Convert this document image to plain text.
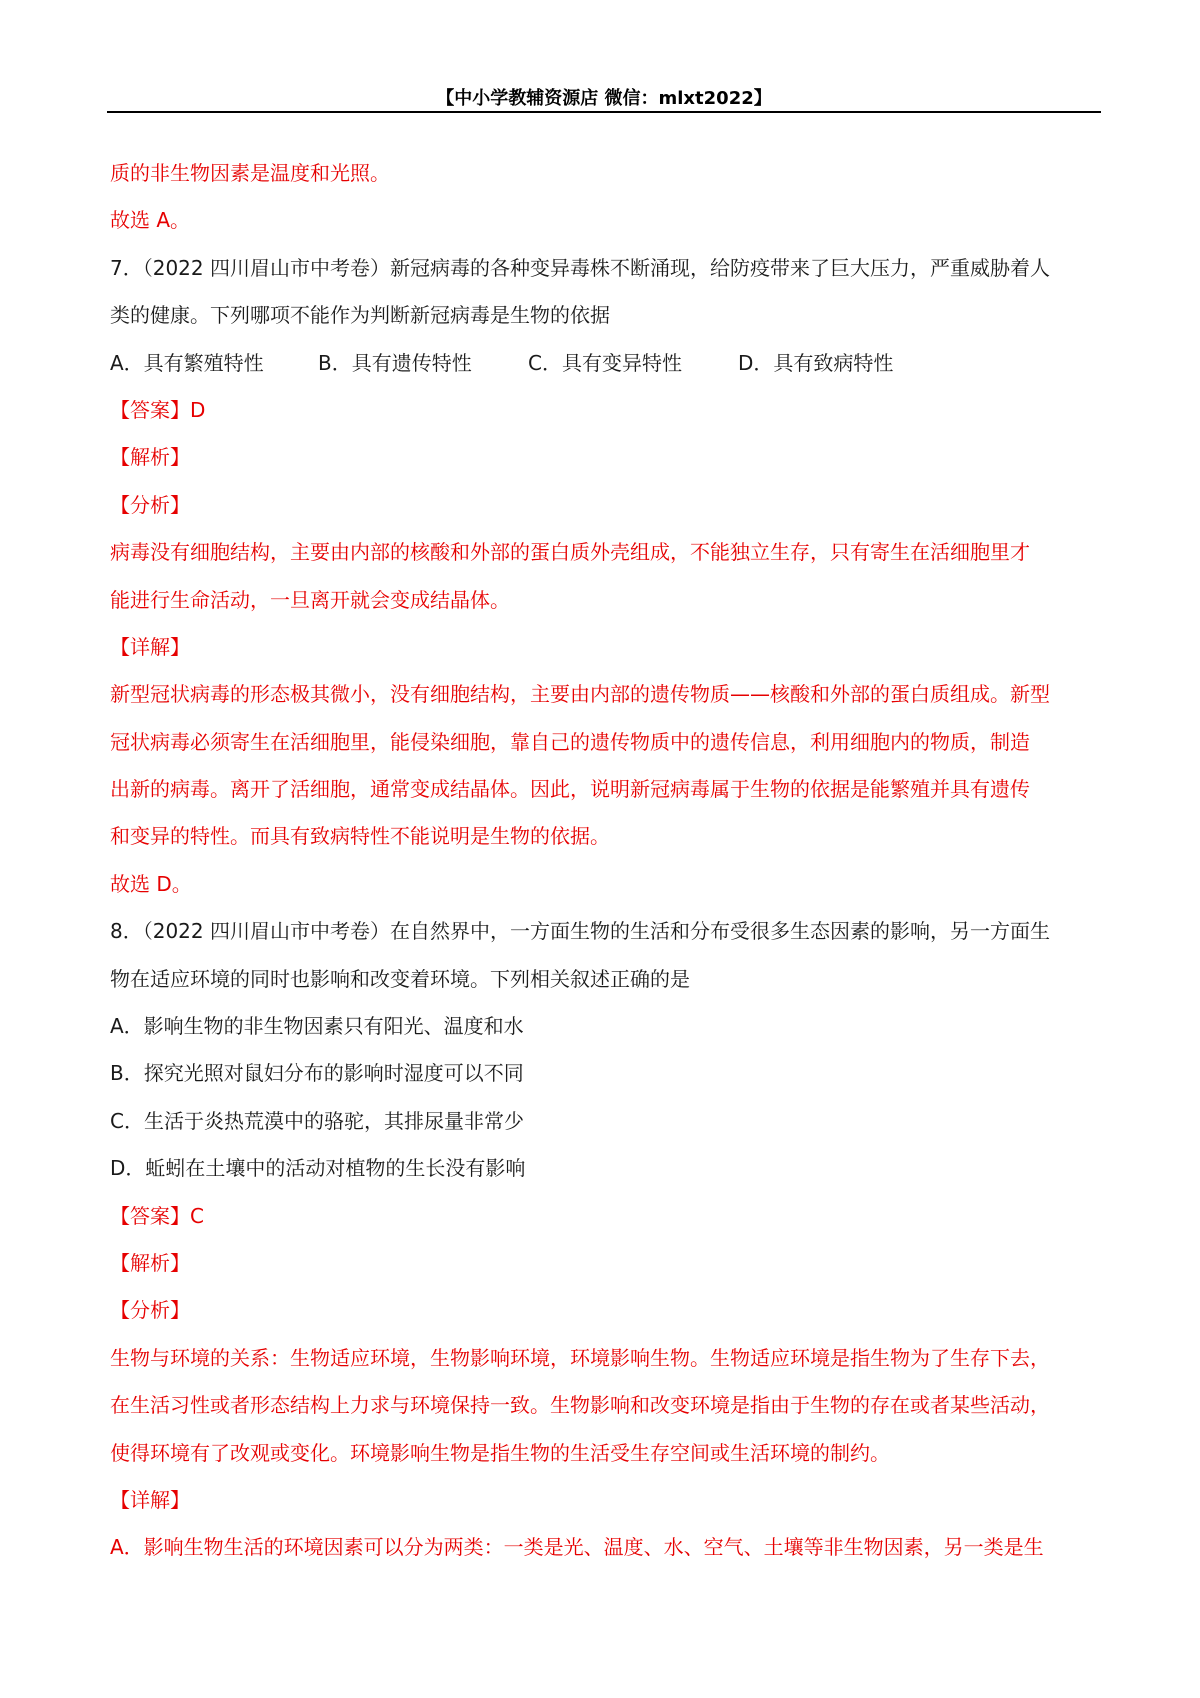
【中小学教辅资源店 微信：mlxt2022】
质的非生物因素是温度和光照。
故选 A。
7．（2022 四川眉山市中考卷）新冠病毒的各种变异毒株不断涌现，给防疫带来了巨大压力，严重威胁着人
类的健康。下列哪项不能作为判断新冠病毒是生物的依据
A．具有繁殖特性	B．具有遗传特性	C．具有变异特性	D．具有致病特性
【答案】D
【解析】
【分析】
病毒没有细胞结构，主要由内部的核酸和外部的蛋白质外壳组成，不能独立生存，只有寄生在活细胞里才
能进行生命活动，一旦离开就会变成结晶体。
【详解】
新型冠状病毒的形态极其微小，没有细胞结构，主要由内部的遗传物质——核酸和外部的蛋白质组成。新型
冠状病毒必须寄生在活细胞里，能侵染细胞，靠自己的遗传物质中的遗传信息，利用细胞内的物质，制造
出新的病毒。离开了活细胞，通常变成结晶体。因此，说明新冠病毒属于生物的依据是能繁殖并具有遗传
和变异的特性。而具有致病特性不能说明是生物的依据。
故选 D。
8．（2022 四川眉山市中考卷）在自然界中，一方面生物的生活和分布受很多生态因素的影响，另一方面生
物在适应环境的同时也影响和改变着环境。下列相关叙述正确的是
A．影响生物的非生物因素只有阳光、温度和水
B．探究光照对鼠妇分布的影响时湿度可以不同
C．生活于炎热荒漠中的骆驼，其排尿量非常少
D．蚯蚓在土壤中的活动对植物的生长没有影响
【答案】C
【解析】
【分析】
生物与环境的关系：生物适应环境，生物影响环境，环境影响生物。生物适应环境是指生物为了生存下去，
在生活习性或者形态结构上力求与环境保持一致。生物影响和改变环境是指由于生物的存在或者某些活动，
使得环境有了改观或变化。环境影响生物是指生物的生活受生存空间或生活环境的制约。
【详解】
A．影响生物生活的环境因素可以分为两类：一类是光、温度、水、空气、土壤等非生物因素，另一类是生
